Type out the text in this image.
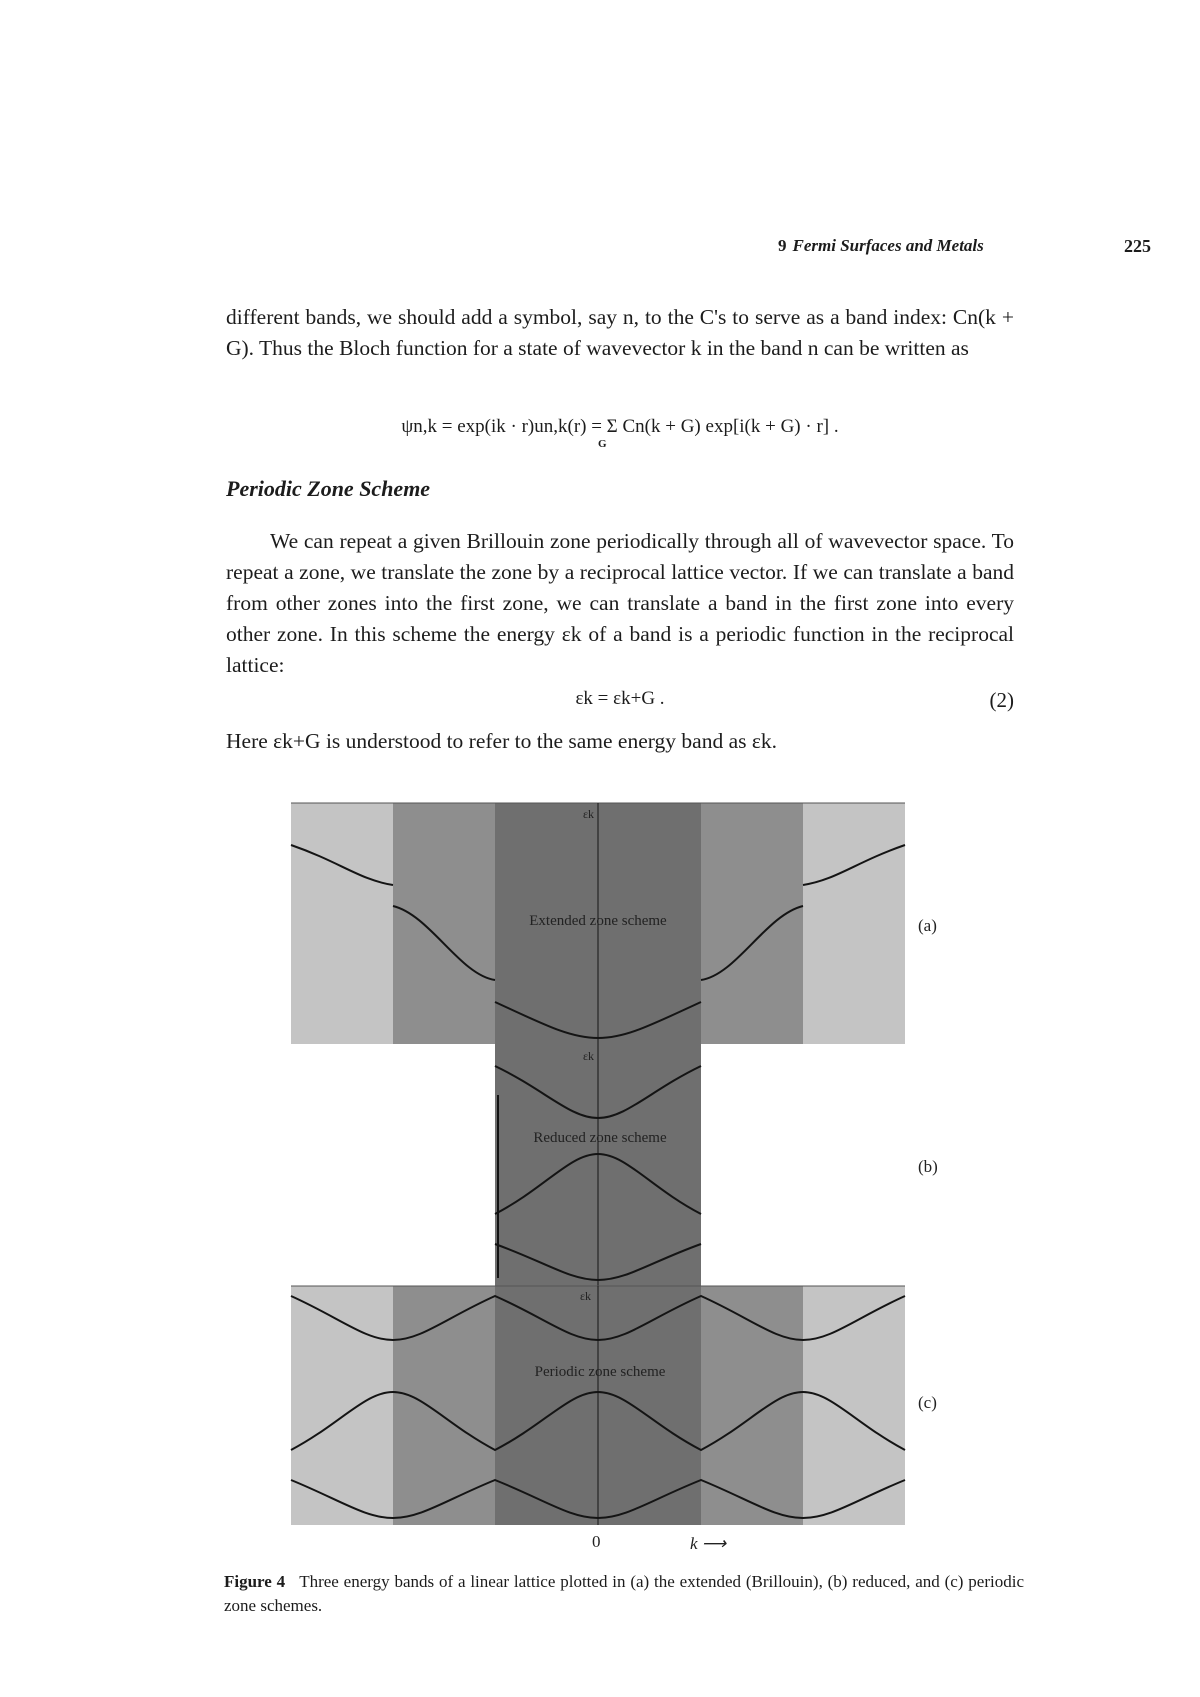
9 Fermi Surfaces and Metals	225

different bands, we should add a symbol, say n, to the C's to serve as a band index: Cn(k + G). Thus the Bloch function for a state of wavevector k in the band n can be written as

ψn,k = exp(ik · r)un,k(r) = Σ Cn(k + G) exp[i(k + G) · r] .
G
Periodic Zone Scheme

We can repeat a given Brillouin zone periodically through all of wavevector space. To repeat a zone, we translate the zone by a reciprocal lattice vector. If we can translate a band from other zones into the first zone, we can translate a band in the first zone into every other zone. In this scheme the energy εk of a band is a periodic function in the reciprocal lattice:

εk = εk+G .	(2)

Here εk+G is understood to refer to the same energy band as εk.

εk
Extended zone scheme	(a)
εk
Reduced zone scheme
(b)
εk
Periodic zone scheme
(c)
0	k ⟶

Figure 4 Three energy bands of a linear lattice plotted in (a) the extended (Brillouin), (b) reduced, and (c) periodic zone schemes.
